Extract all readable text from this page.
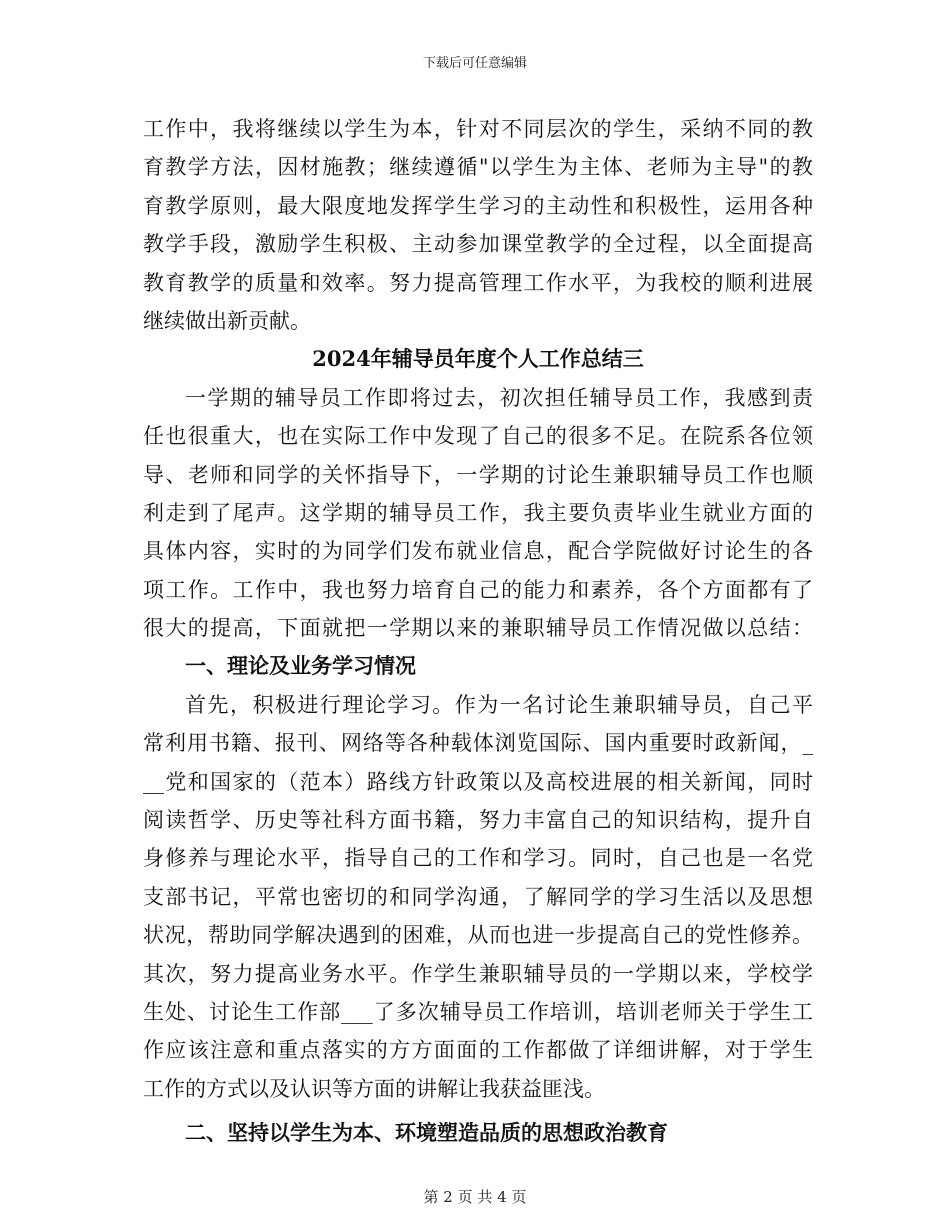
下载后可任意编辑
工作中，我将继续以学生为本，针对不同层次的学生，采纳不同的教
育教学方法，因材施教；继续遵循"以学生为主体、老师为主导"的教
育教学原则，最大限度地发挥学生学习的主动性和积极性，运用各种
教学手段，激励学生积极、主动参加课堂教学的全过程，以全面提高
教育教学的质量和效率。努力提高管理工作水平，为我校的顺利进展
继续做出新贡献。
2024年辅导员年度个人工作总结三
一学期的辅导员工作即将过去，初次担任辅导员工作，我感到责
任也很重大，也在实际工作中发现了自己的很多不足。在院系各位领
导、老师和同学的关怀指导下，一学期的讨论生兼职辅导员工作也顺
利走到了尾声。这学期的辅导员工作，我主要负责毕业生就业方面的
具体内容，实时的为同学们发布就业信息，配合学院做好讨论生的各
项工作。工作中，我也努力培育自己的能力和素养，各个方面都有了
很大的提高，下面就把一学期以来的兼职辅导员工作情况做以总结：
一、理论及业务学习情况
首先，积极进行理论学习。作为一名讨论生兼职辅导员，自己平
常利用书籍、报刊、网络等各种载体浏览国际、国内重要时政新闻，_
__党和国家的（范本）路线方针政策以及高校进展的相关新闻，同时
阅读哲学、历史等社科方面书籍，努力丰富自己的知识结构，提升自
身修养与理论水平，指导自己的工作和学习。同时，自己也是一名党
支部书记，平常也密切的和同学沟通，了解同学的学习生活以及思想
状况，帮助同学解决遇到的困难，从而也进一步提高自己的党性修养。
其次，努力提高业务水平。作学生兼职辅导员的一学期以来，学校学
生处、讨论生工作部___了多次辅导员工作培训，培训老师关于学生工
作应该注意和重点落实的方方面面的工作都做了详细讲解，对于学生
工作的方式以及认识等方面的讲解让我获益匪浅。
二、坚持以学生为本、环境塑造品质的思想政治教育
第 2 页 共 4 页
